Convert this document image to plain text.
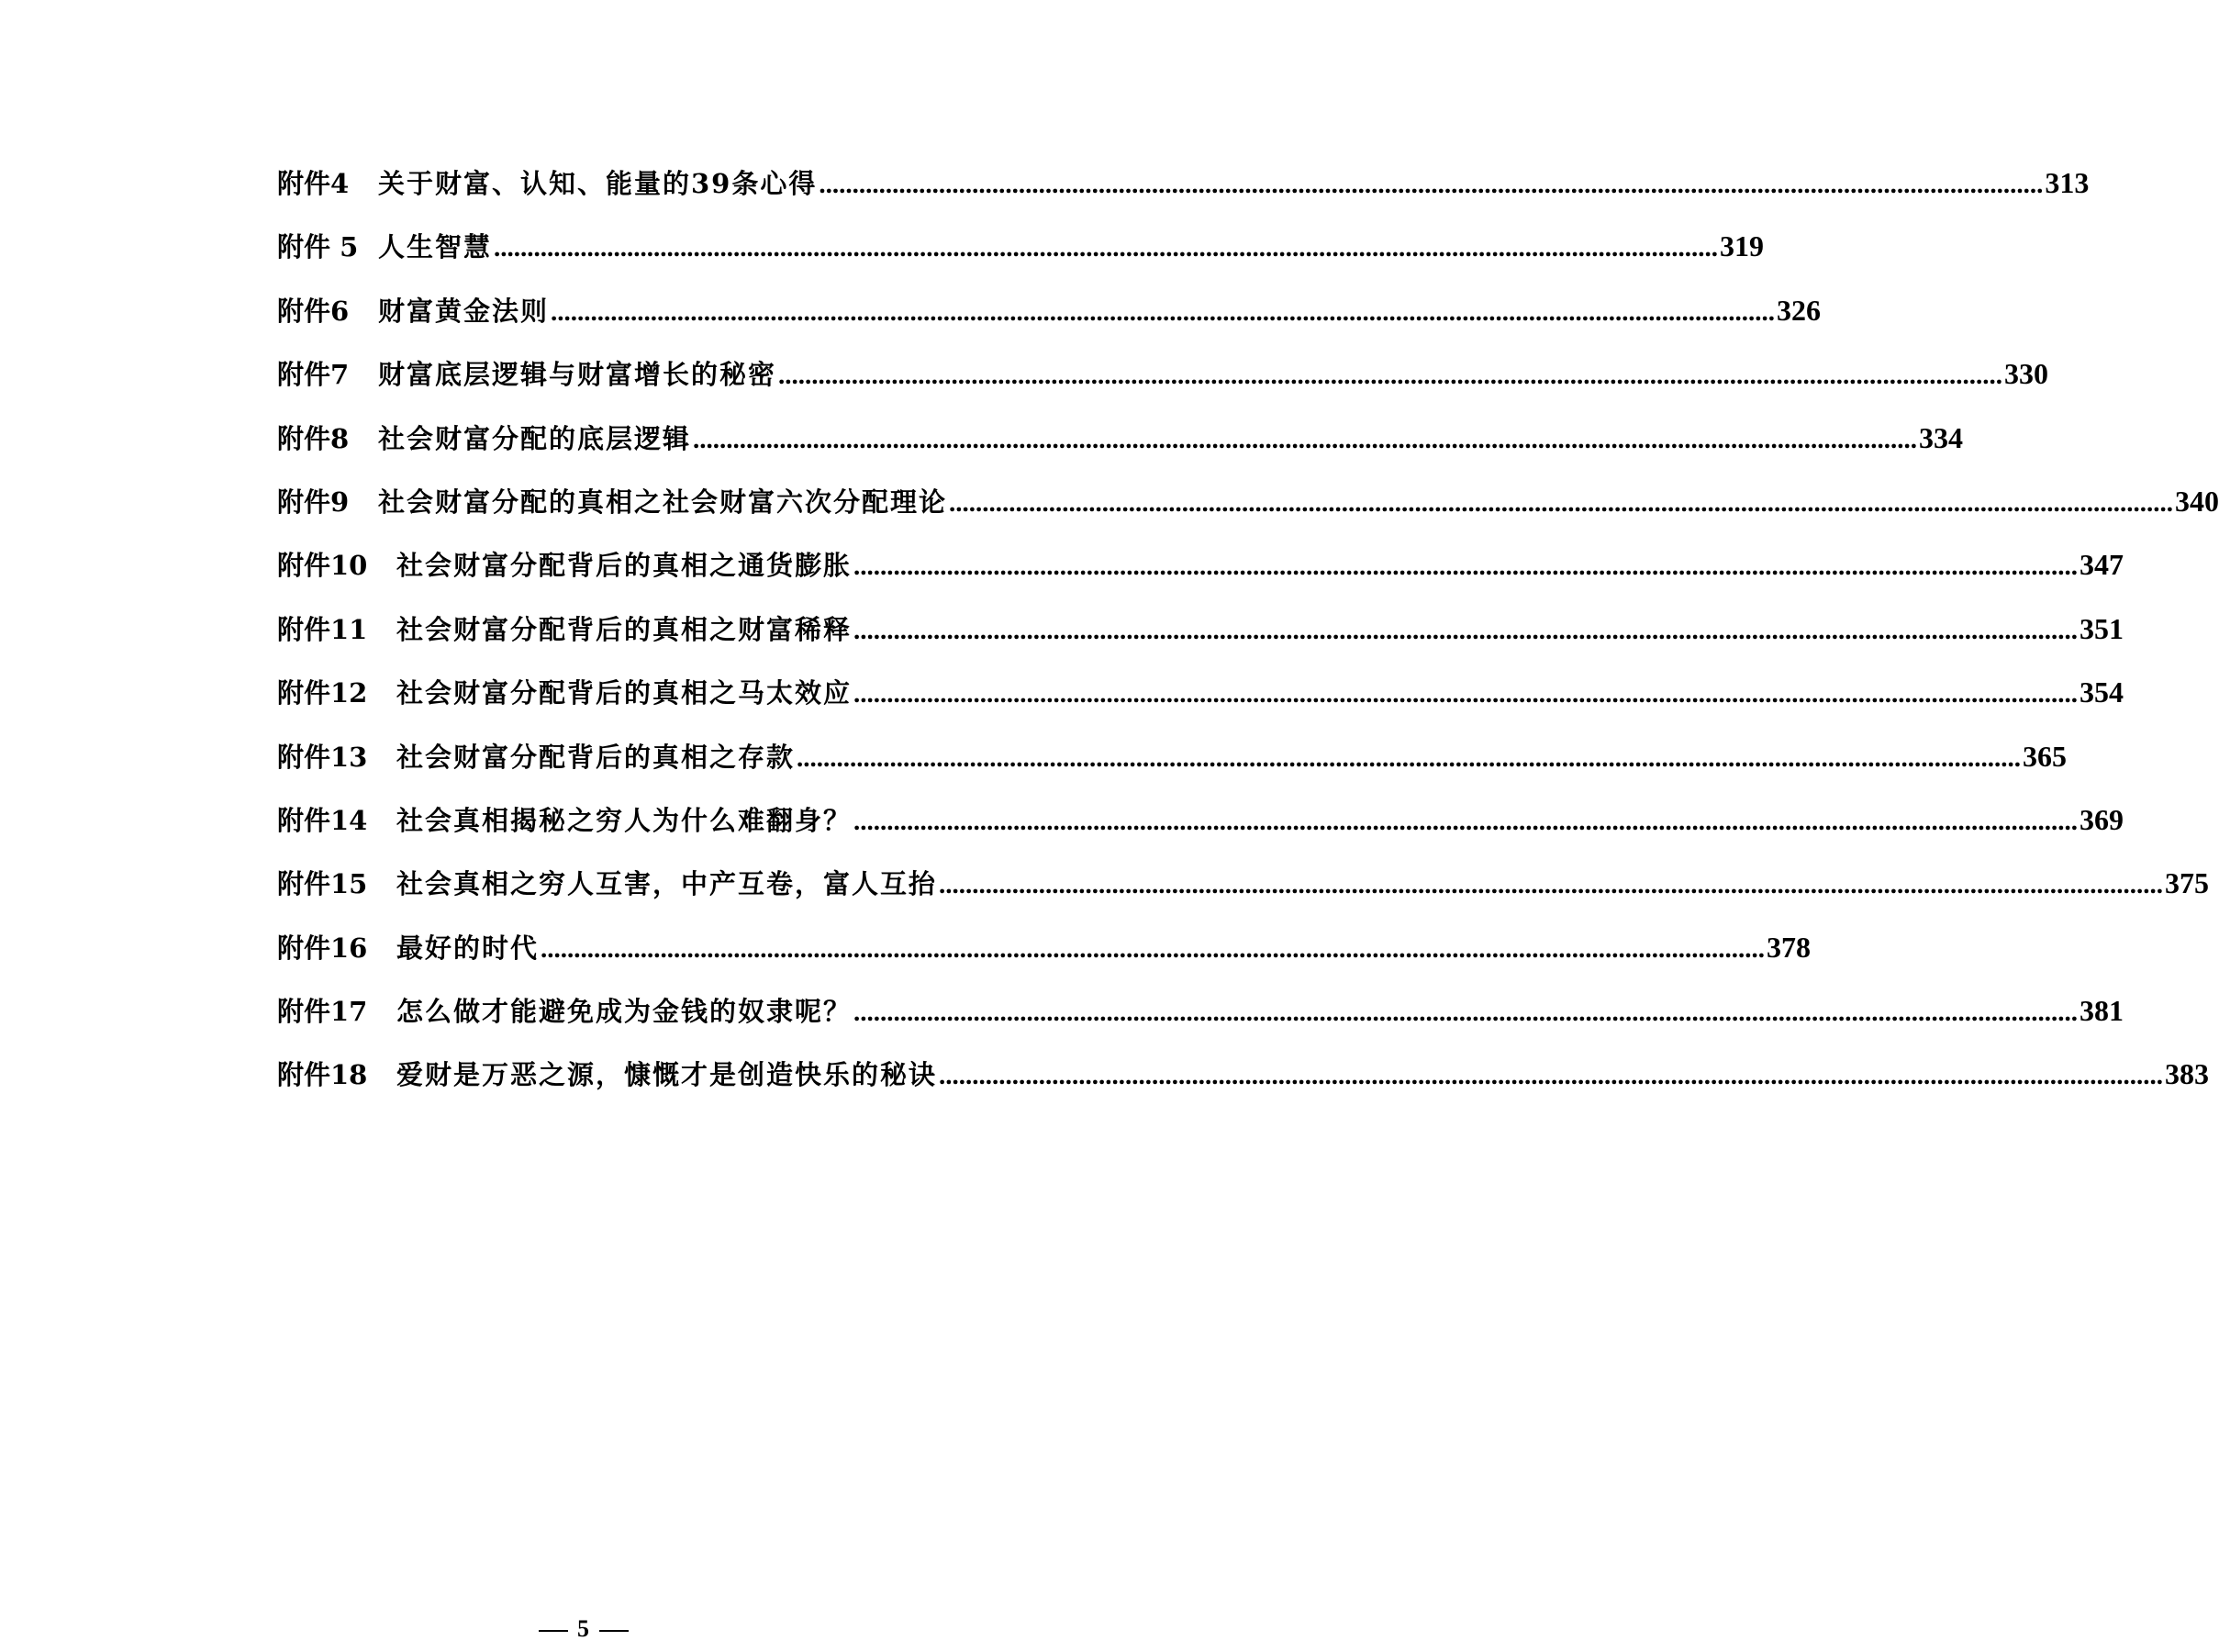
附件4	关于财富、认知、能量的39条心得 .....	313
附件 5 人生智慧 .....	319
附件6	财富黄金法则 .....	326
附件7	财富底层逻辑与财富增长的秘密 .....	330
附件8	社会财富分配的底层逻辑 .....	334
附件9	社会财富分配的真相之社会财富六次分配理论 .....	340
附件10	社会财富分配背后的真相之通货膨胀 .....	347
附件11	社会财富分配背后的真相之财富稀释 .....	351
附件12	社会财富分配背后的真相之马太效应 .....	354
附件13	社会财富分配背后的真相之存款 .....	365
附件14	社会真相揭秘之穷人为什么难翻身？ .....	369
附件15	社会真相之穷人互害，中产互卷，富人互抬 .....	375
附件16	最好的时代 .....	378
附件17	怎么做才能避免成为金钱的奴隶呢？ .....	381
附件18	爱财是万恶之源，慷慨才是创造快乐的秘诀 .....	383
5
